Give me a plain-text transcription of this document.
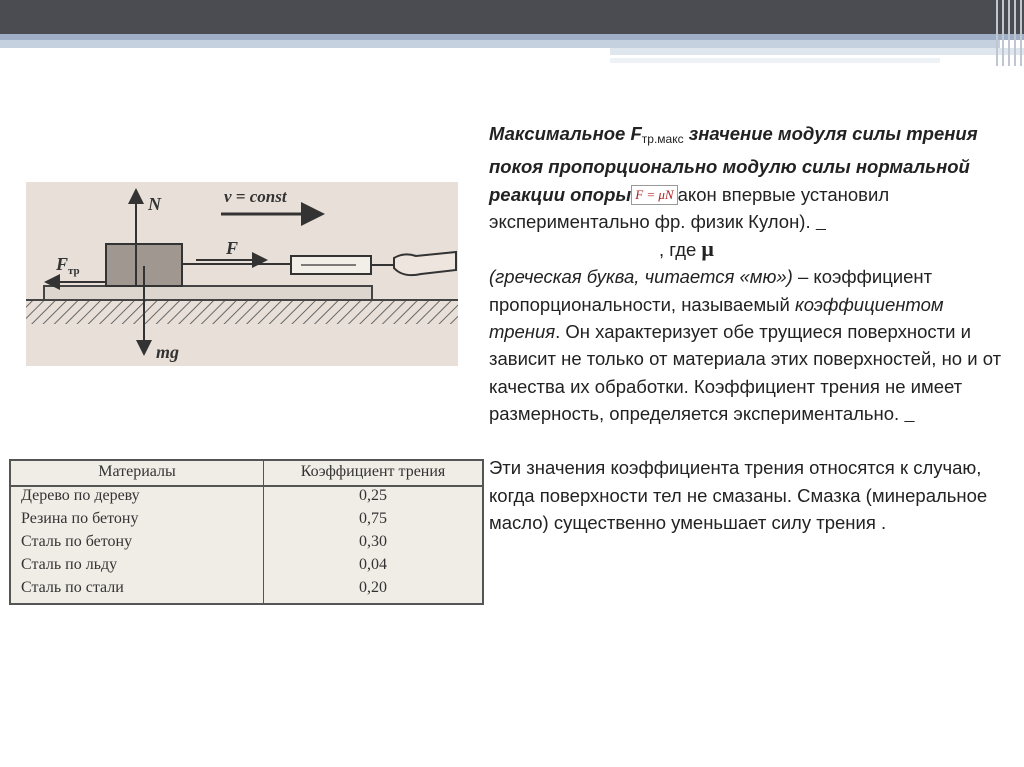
N	v = const
F
F тр
mg
Максимальное $F_{тр.макс}$ значение модуля силы трения покоя пропорционально модулю силы нормальной реакции опоры F = μN акон впервые установил экспериментально фр. физик Кулон).
, где μ
(греческая буква, читается «мю») – коэффициент пропорциональности, называемый коэффициентом трения. Он характеризует обе трущиеся поверхности и зависит не только от материала этих поверхностей, но и от качества их обработки. Коэффициент трения не имеет размерность, определяется экспериментально.
Эти значения коэффициента трения относятся к случаю, когда поверхности тел не смазаны. Смазка (минеральное масло) существенно уменьшает силу трения .
Материалы	Коэффициент трения
Дерево по дереву	0,25
Резина по бетону	0,75
Сталь по бетону	0,30
Сталь по льду	0,04
Сталь по стали	0,20
